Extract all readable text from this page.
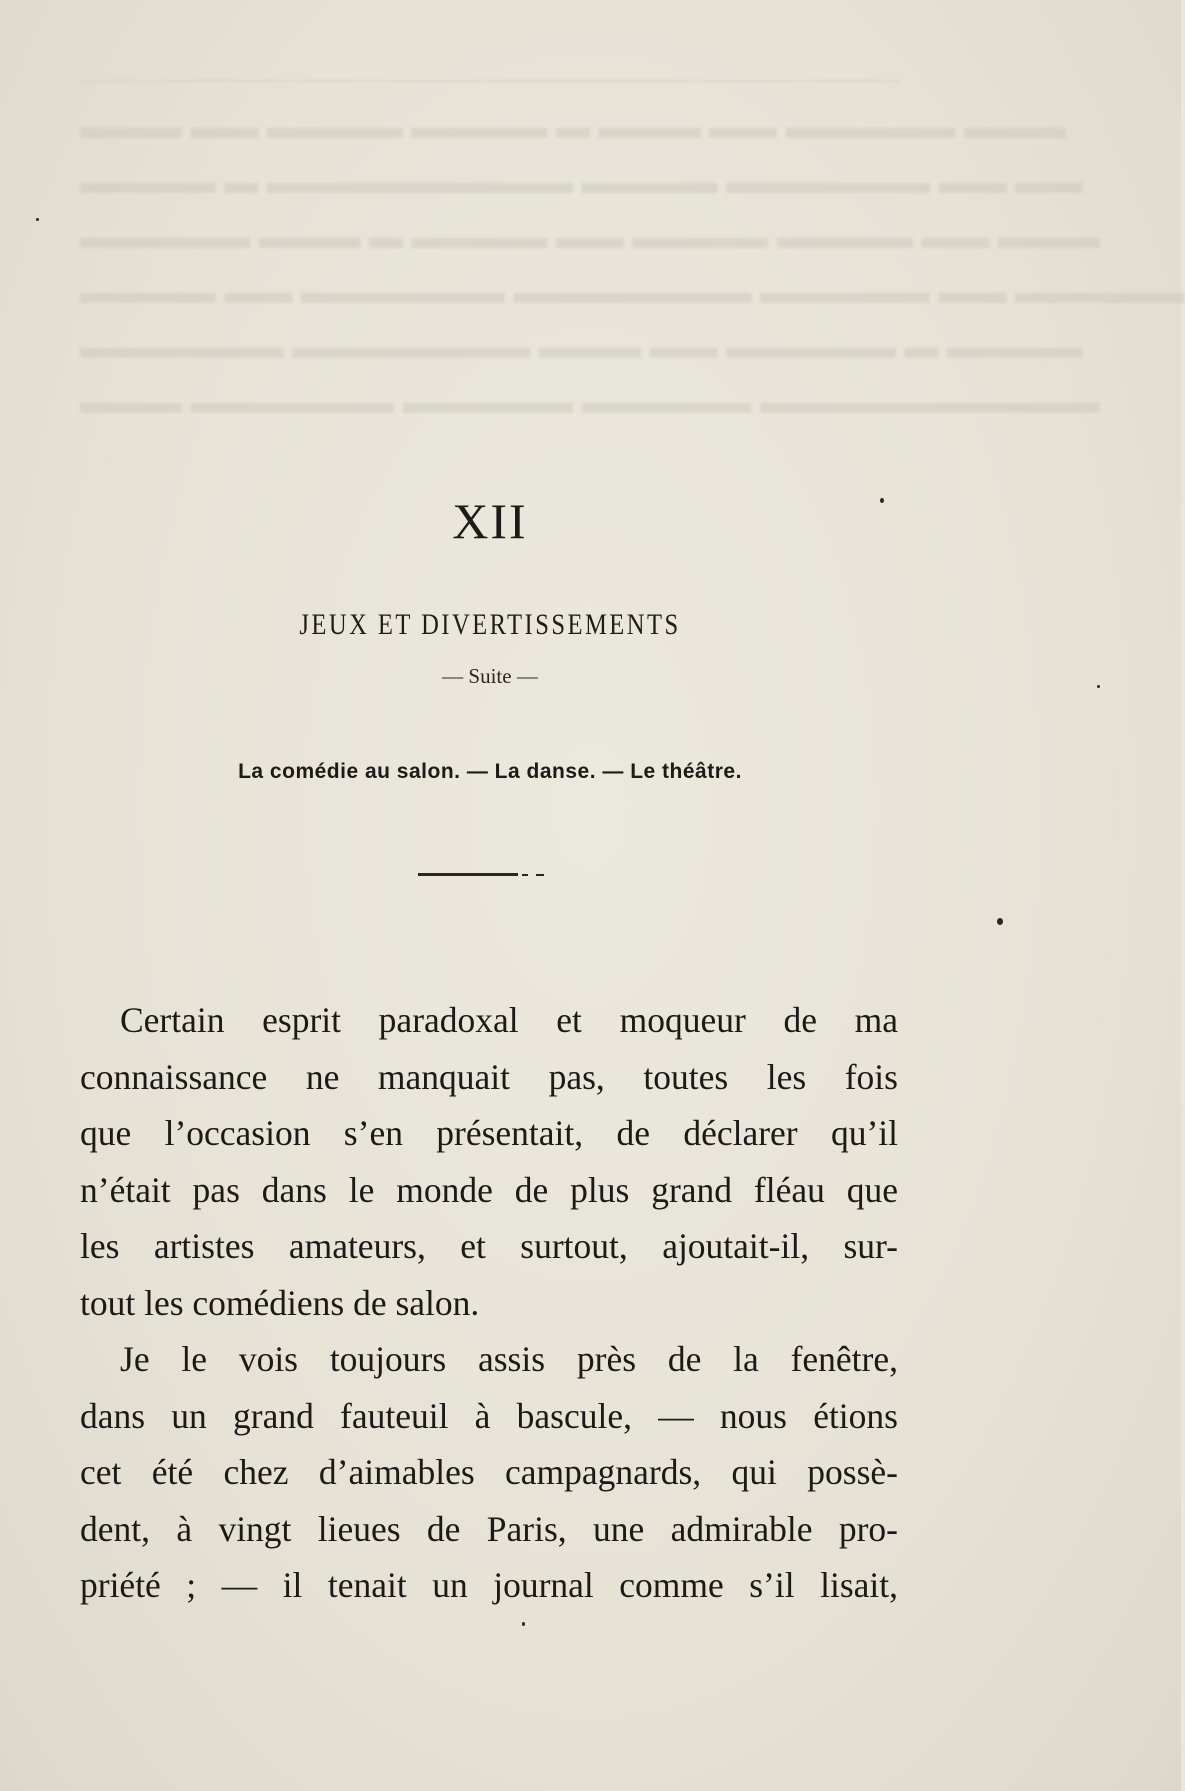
▬▬▬ ▬▬ ▬▬▬▬ ▬▬▬▬ ▬ ▬▬▬ ▬▬ ▬▬▬▬▬ ▬▬▬
▬▬▬▬ ▬ ▬▬▬▬▬▬▬▬▬ ▬▬▬▬ ▬▬▬▬▬▬ ▬▬ ▬▬
▬▬▬▬▬ ▬▬▬ ▬ ▬▬▬▬ ▬▬ ▬▬▬▬ ▬▬▬▬ ▬▬ ▬▬▬
▬▬▬▬ ▬▬ ▬▬▬▬▬▬ ▬▬▬▬▬▬▬ ▬▬▬▬▬ ▬▬ ▬▬▬▬▬
▬▬▬▬▬▬ ▬▬▬▬▬▬▬ ▬▬▬ ▬▬ ▬▬▬▬▬ ▬ ▬▬▬▬
▬▬▬ ▬▬▬▬▬▬ ▬▬▬▬▬ ▬▬▬▬▬ ▬▬▬▬▬▬▬▬▬▬
XII
JEUX ET DIVERTISSEMENTS
— Suite —
La comédie au salon. — La danse. — Le théâtre.
Certain esprit paradoxal et moqueur de ma
connaissance ne manquait pas, toutes les fois
que l’occasion s’en présentait, de déclarer qu’il
n’était pas dans le monde de plus grand fléau que
les artistes amateurs, et surtout, ajoutait-il, sur-
tout les comédiens de salon.
Je le vois toujours assis près de la fenêtre,
dans un grand fauteuil à bascule, — nous étions
cet été chez d’aimables campagnards, qui possè-
dent, à vingt lieues de Paris, une admirable pro-
priété ; — il tenait un journal comme s’il lisait,
